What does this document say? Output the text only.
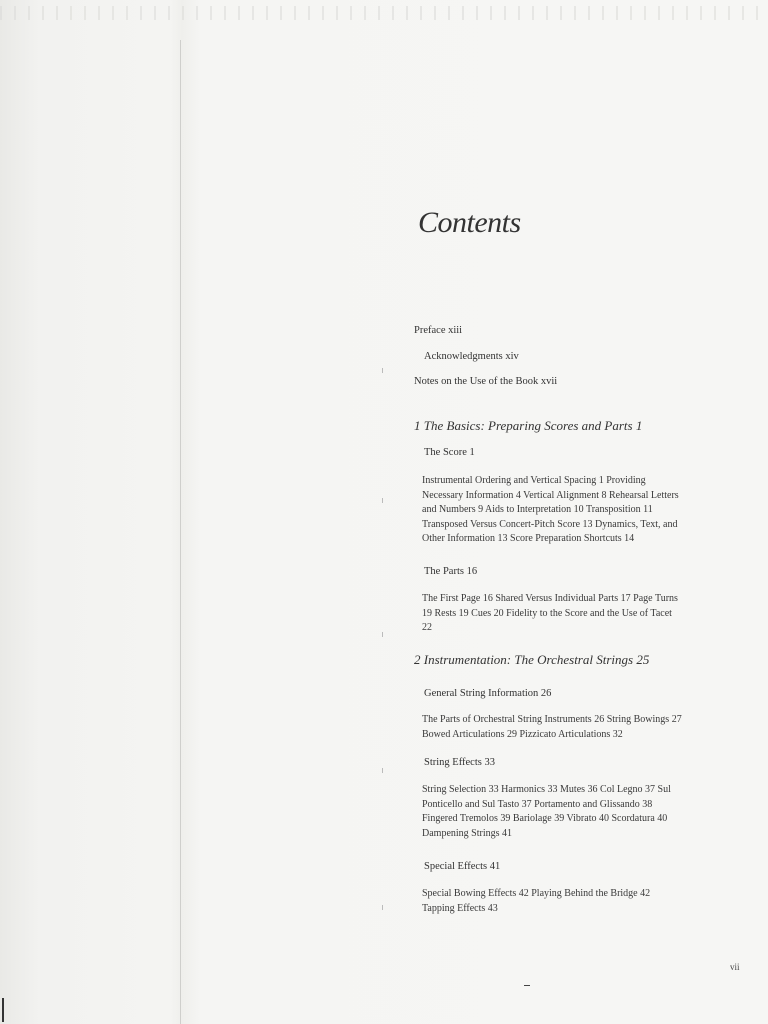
Contents

Preface xiii

Acknowledgments xiv

Notes on the Use of the Book xvii

1 The Basics: Preparing Scores and Parts 1
The Score 1
Instrumental Ordering and Vertical Spacing 1 Providing Necessary Information 4 Vertical Alignment 8 Rehearsal Letters and Numbers 9 Aids to Interpretation 10 Transposition 11 Transposed Versus Concert-Pitch Score 13 Dynamics, Text, and Other Information 13 Score Preparation Shortcuts 14
The Parts 16
The First Page 16 Shared Versus Individual Parts 17 Page Turns 19 Rests 19 Cues 20 Fidelity to the Score and the Use of Tacet 22
2 Instrumentation: The Orchestral Strings 25
General String Information 26
The Parts of Orchestral String Instruments 26 String Bowings 27 Bowed Articulations 29 Pizzicato Articulations 32
String Effects 33
String Selection 33 Harmonics 33 Mutes 36 Col Legno 37 Sul Ponticello and Sul Tasto 37 Portamento and Glissando 38 Fingered Tremolos 39 Bariolage 39 Vibrato 40 Scordatura 40 Dampening Strings 41
Special Effects 41
Special Bowing Effects 42 Playing Behind the Bridge 42 Tapping Effects 43
vii
